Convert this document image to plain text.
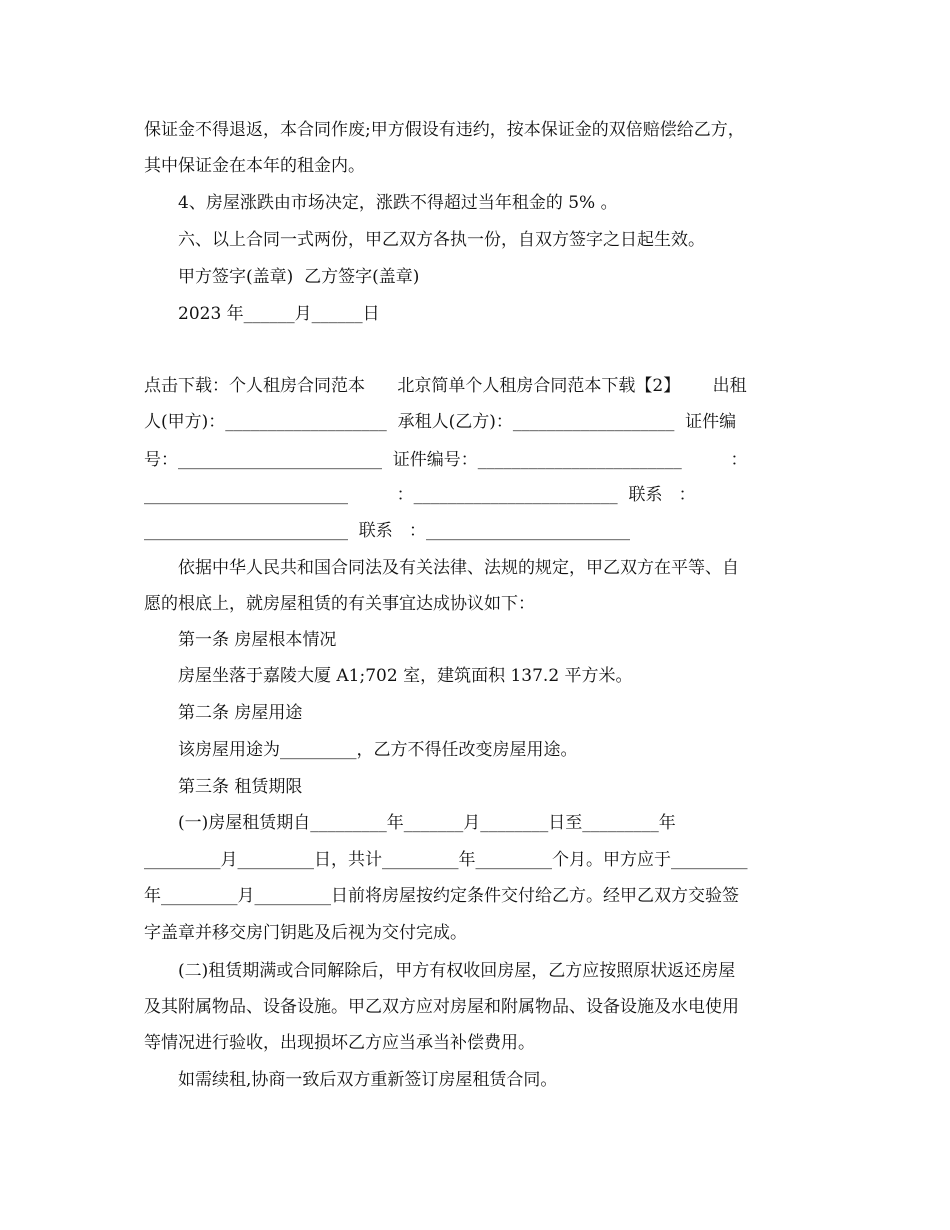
保证金不得退返，本合同作废;甲方假设有违约，按本保证金的双倍赔偿给乙方，
其中保证金在本年的租金内。
4、房屋涨跌由市场决定，涨跌不得超过当年租金的 5% 。
六、以上合同一式两份，甲乙双方各执一份，自双方签字之日起生效。
甲方签字(盖章)  乙方签字(盖章)
2023 年______月______日
点击下载：个人租房合同范本      北京简单个人租房合同范本下载【2】      出租
人(甲方)：___________________  承租人(乙方)：___________________  证件编
号：________________________  证件编号：________________________         ：
________________________         ：________________________  联系   ：
________________________  联系   ：________________________
依据中华人民共和国合同法及有关法律、法规的规定，甲乙双方在平等、自
愿的根底上，就房屋租赁的有关事宜达成协议如下：
第一条 房屋根本情况
房屋坐落于嘉陵大厦 A1;702 室，建筑面积 137.2 平方米。
第二条 房屋用途
该房屋用途为_________，乙方不得任改变房屋用途。
第三条 租赁期限
(一)房屋租赁期自_________年_______月________日至_________年
_________月_________日，共计_________年_________个月。甲方应于_________
年_________月_________日前将房屋按约定条件交付给乙方。经甲乙双方交验签
字盖章并移交房门钥匙及后视为交付完成。
(二)租赁期满或合同解除后，甲方有权收回房屋，乙方应按照原状返还房屋
及其附属物品、设备设施。甲乙双方应对房屋和附属物品、设备设施及水电使用
等情况进行验收，出现损坏乙方应当承当补偿费用。
如需续租,协商一致后双方重新签订房屋租赁合同。
